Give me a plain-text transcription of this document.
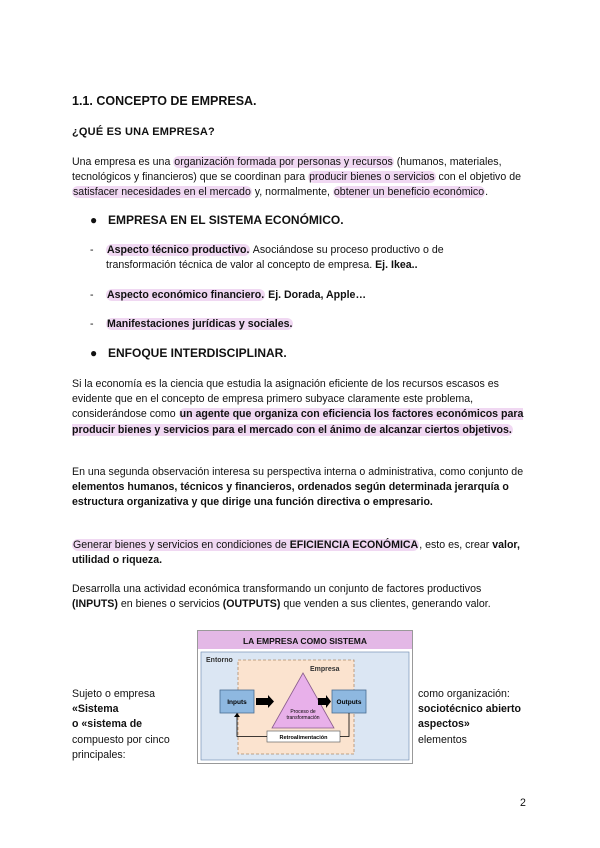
1.1. CONCEPTO DE EMPRESA.
¿QUÉ ES UNA EMPRESA?
Una empresa es una organización formada por personas y recursos (humanos, materiales, tecnológicos y financieros) que se coordinan para producir bienes o servicios con el objetivo de satisfacer necesidades en el mercado y, normalmente, obtener un beneficio económico.
● EMPRESA EN EL SISTEMA ECONÓMICO.
- Aspecto técnico productivo. Asociándose su proceso productivo o de transformación técnica de valor al concepto de empresa. Ej. Ikea..
- Aspecto económico financiero. Ej. Dorada, Apple…
- Manifestaciones jurídicas y sociales.
● ENFOQUE INTERDISCIPLINAR.
Si la economía es la ciencia que estudia la asignación eficiente de los recursos escasos es evidente que en el concepto de empresa primero subyace claramente este problema, considerándose como un agente que organiza con eficiencia los factores económicos para producir bienes y servicios para el mercado con el ánimo de alcanzar ciertos objetivos.
En una segunda observación interesa su perspectiva interna o administrativa, como conjunto de elementos humanos, técnicos y financieros, ordenados según determinada jerarquía o estructura organizativa y que dirige una función directiva o empresario.
Generar bienes y servicios en condiciones de EFICIENCIA ECONÓMICA, esto es, crear valor, utilidad o riqueza.
Desarrolla una actividad económica transformando un conjunto de factores productivos (INPUTS) en bienes o servicios (OUTPUTS) que venden a sus clientes, generando valor.
LA EMPRESA COMO SISTEMA
Entorno
Empresa
Inputs
Proceso de transformación
Outputs
Retroalimentación
Sujeto o empresa
«Sistema
o «sistema de
compuesto por cinco
principales:
como organización:
sociotécnico abierto
aspectos»
elementos
2
